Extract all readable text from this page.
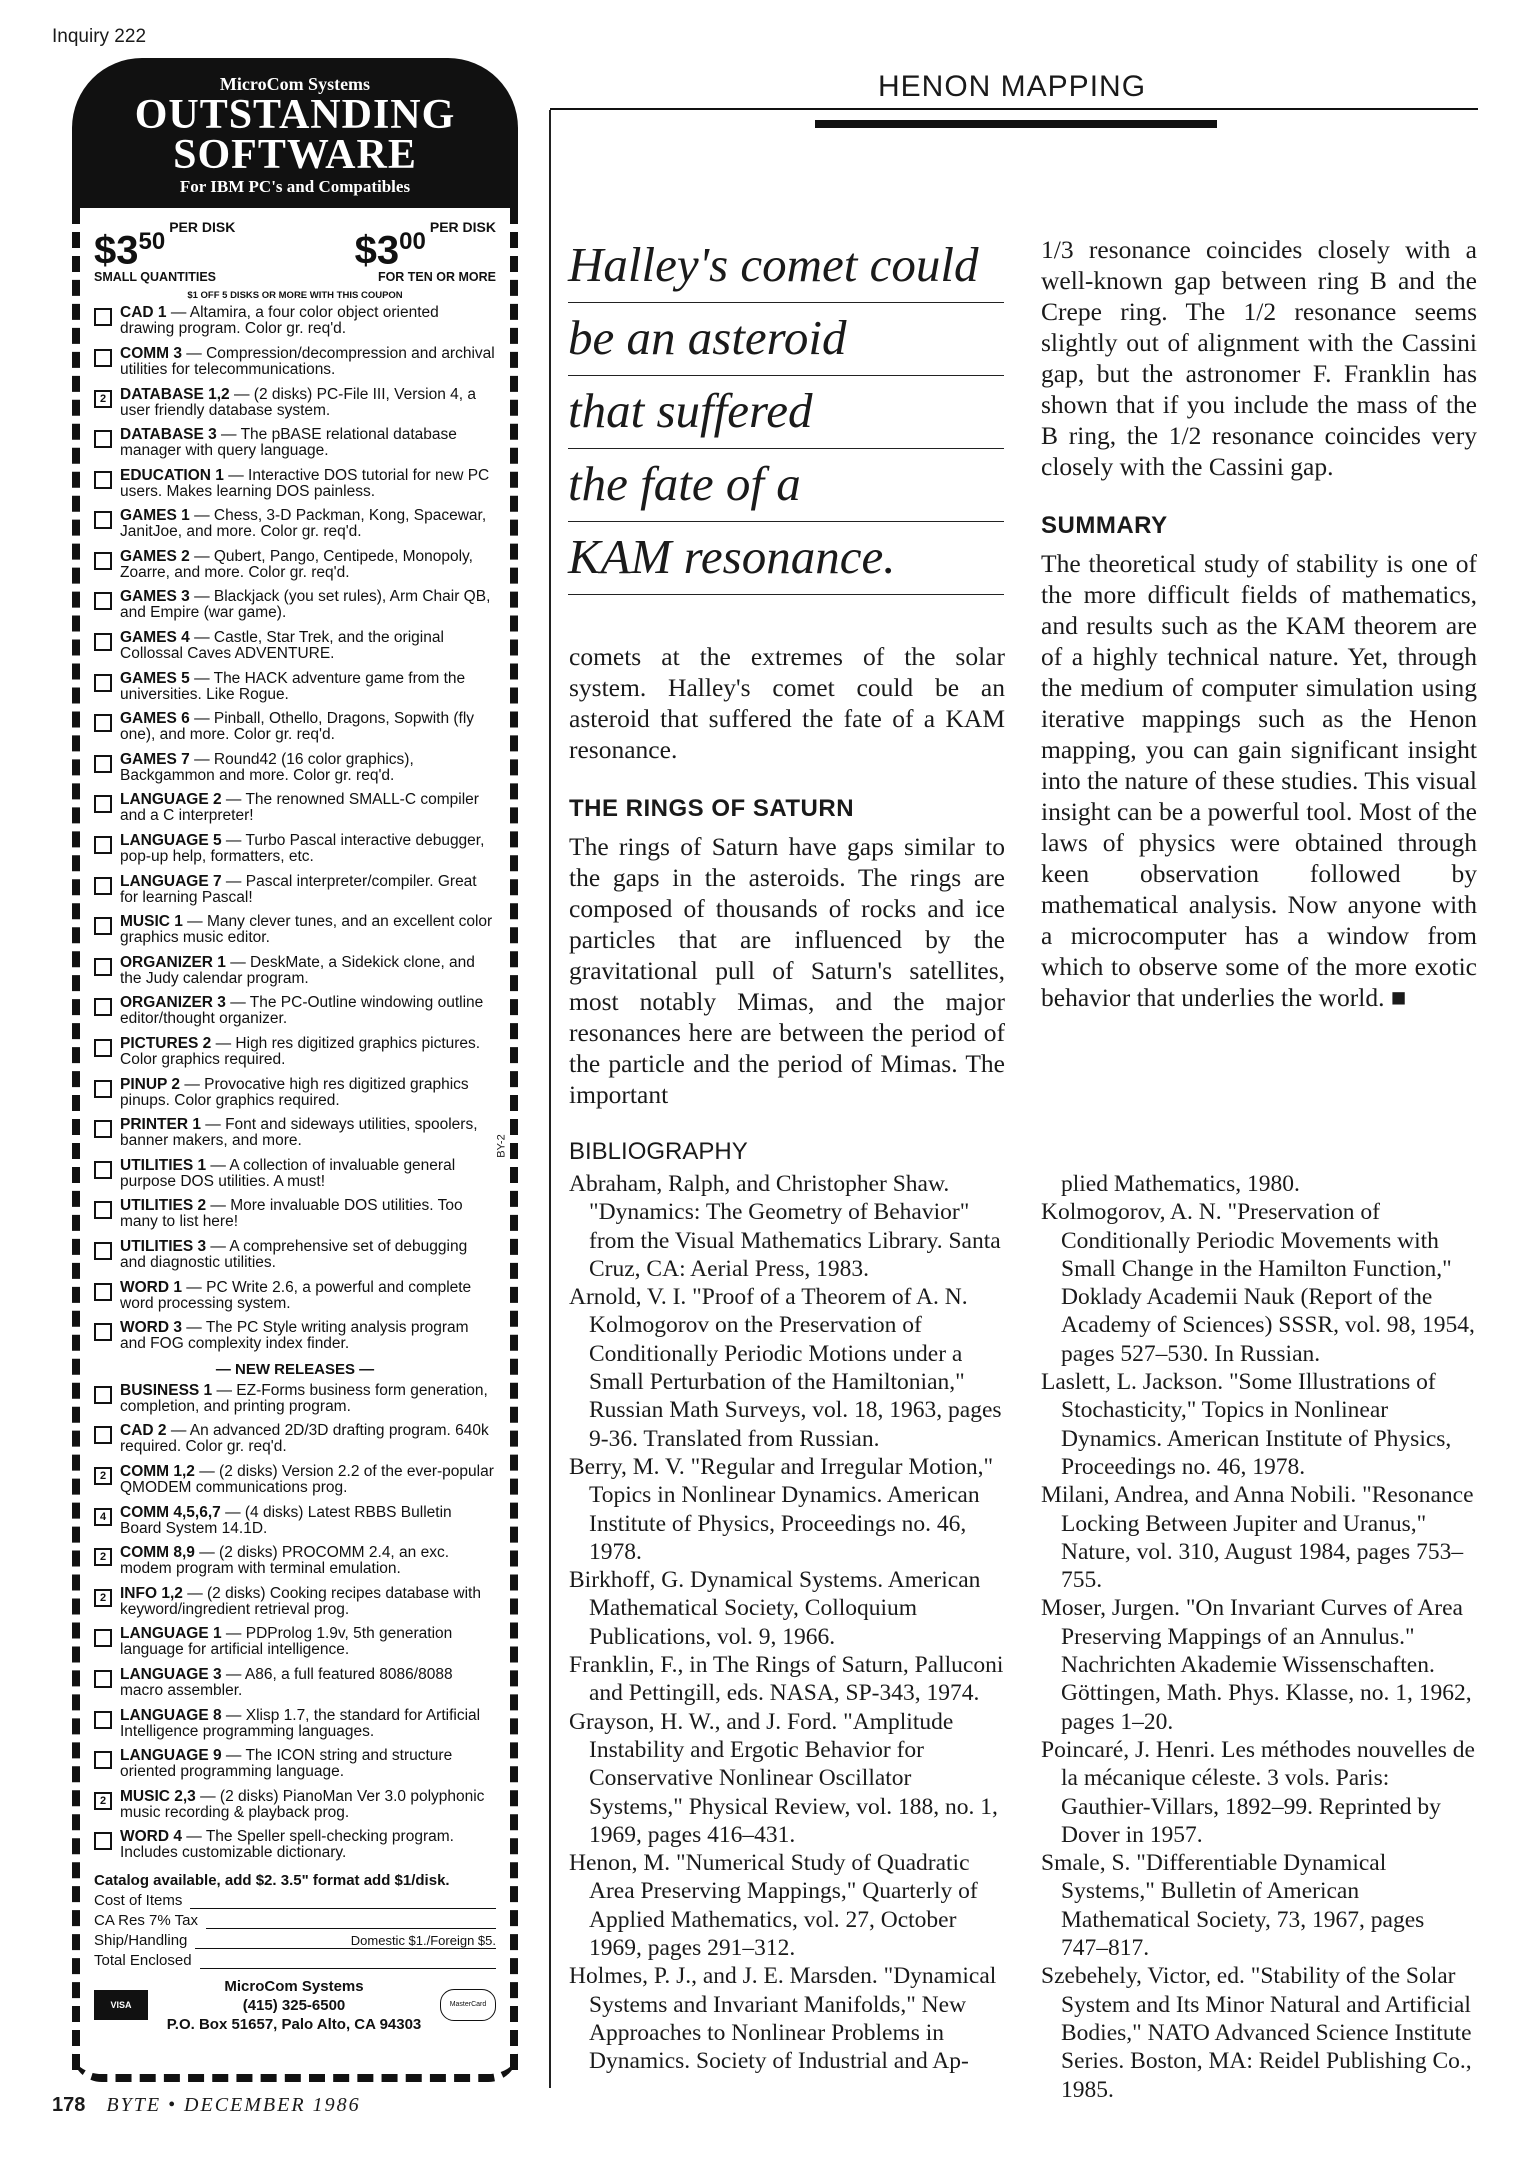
Inquiry 222
MicroCom Systems
OUTSTANDING
SOFTWARE
For IBM PC's and Compatibles
$\$3^{50}PER$ DISK
$\$3^{00}PER$ DISK
SMALL QUANTITIES	FOR TEN OR MORE
$1 OFF 5 DISKS OR MORE WITH THIS COUPON
CAD 1 — Altamira, a four color object oriented drawing program. Color gr. req'd.
COMM 3 — Compression/decompression and archival utilities for telecommunications.
2 DATABASE 1,2 — (2 disks) PC-File III, Version 4, a user friendly database system.
DATABASE 3 — The pBASE relational database manager with query language.
EDUCATION 1 — Interactive DOS tutorial for new PC users. Makes learning DOS painless.
GAMES 1 — Chess, 3-D Packman, Kong, Spacewar, JanitJoe, and more. Color gr. req'd.
GAMES 2 — Qubert, Pango, Centipede, Monopoly, Zoarre, and more. Color gr. req'd.
GAMES 3 — Blackjack (you set rules), Arm Chair QB, and Empire (war game).
GAMES 4 — Castle, Star Trek, and the original Collossal Caves ADVENTURE.
GAMES 5 — The HACK adventure game from the universities. Like Rogue.
GAMES 6 — Pinball, Othello, Dragons, Sopwith (fly one), and more. Color gr. req'd.
GAMES 7 — Round42 (16 color graphics), Backgammon and more. Color gr. req'd.
LANGUAGE 2 — The renowned SMALL-C compiler and a C interpreter!
LANGUAGE 5 — Turbo Pascal interactive debugger, pop-up help, formatters, etc.
LANGUAGE 7 — Pascal interpreter/compiler. Great for learning Pascal!
MUSIC 1 — Many clever tunes, and an excellent color graphics music editor.
ORGANIZER 1 — DeskMate, a Sidekick clone, and the Judy calendar program.
ORGANIZER 3 — The PC-Outline windowing outline editor/thought organizer.
PICTURES 2 — High res digitized graphics pictures. Color graphics required.
PINUP 2 — Provocative high res digitized graphics pinups. Color graphics required.
PRINTER 1 — Font and sideways utilities, spoolers, banner makers, and more.
UTILITIES 1 — A collection of invaluable general purpose DOS utilities. A must!
UTILITIES 2 — More invaluable DOS utilities. Too many to list here!
UTILITIES 3 — A comprehensive set of debugging and diagnostic utilities.
WORD 1 — PC Write 2.6, a powerful and complete word processing system.
WORD 3 — The PC Style writing analysis program and FOG complexity index finder.
— NEW RELEASES —
BUSINESS 1 — EZ-Forms business form generation, completion, and printing program.
CAD 2 — An advanced 2D/3D drafting program. 640k required. Color gr. req'd.
2 COMM 1,2 — (2 disks) Version 2.2 of the ever-popular QMODEM communications prog.
4 COMM 4,5,6,7 — (4 disks) Latest RBBS Bulletin Board System 14.1D.
2 COMM 8,9 — (2 disks) PROCOMM 2.4, an exc. modem program with terminal emulation.
2 INFO 1,2 — (2 disks) Cooking recipes database with keyword/ingredient retrieval prog.
LANGUAGE 1 — PDProlog 1.9v, 5th generation language for artificial intelligence.
LANGUAGE 3 — A86, a full featured 8086/8088 macro assembler.
LANGUAGE 8 — Xlisp 1.7, the standard for Artificial Intelligence programming languages.
LANGUAGE 9 — The ICON string and structure oriented programming language.
2 MUSIC 2,3 — (2 disks) PianoMan Ver 3.0 polyphonic music recording & playback prog.
WORD 4 — The Speller spell-checking program. Includes customizable dictionary.
Catalog available, add $2. 3.5" format add $1/disk.
Cost of Items
CA Res 7% Tax
Ship/Handling	Domestic $1./Foreign $5.
Total Enclosed
VISA
MicroCom Systems
(415) 325-6500
P.O. Box 51657, Palo Alto, CA 94303
MasterCard
BY-2
HENON MAPPING
Halley's comet could
be an asteroid
that suffered
the fate of a
KAM resonance.
comets at the extremes of the solar system. Halley's comet could be an asteroid that suffered the fate of a KAM resonance.
THE RINGS OF SATURN
The rings of Saturn have gaps similar to the gaps in the asteroids. The rings are composed of thousands of rocks and ice particles that are influenced by the gravitational pull of Saturn's satellites, most notably Mimas, and the major resonances here are between the period of the particle and the period of Mimas. The important
1/3 resonance coincides closely with a well-known gap between ring B and the Crepe ring. The 1/2 resonance seems slightly out of alignment with the Cassini gap, but the astronomer F. Franklin has shown that if you include the mass of the B ring, the 1/2 resonance coincides very closely with the Cassini gap.
SUMMARY
The theoretical study of stability is one of the more difficult fields of mathematics, and results such as the KAM theorem are of a highly technical nature. Yet, through the medium of computer simulation using iterative mappings such as the Henon mapping, you can gain significant insight into the nature of these studies. This visual insight can be a powerful tool. Most of the laws of physics were obtained through keen observation followed by mathematical analysis. Now anyone with a microcomputer has a window from which to observe some of the more exotic behavior that underlies the world. ■
BIBLIOGRAPHY

Abraham, Ralph, and Christopher Shaw. "Dynamics: The Geometry of Behavior" from the Visual Mathematics Library. Santa Cruz, CA: Aerial Press, 1983.

Arnold, V. I. "Proof of a Theorem of A. N. Kolmogorov on the Preservation of Conditionally Periodic Motions under a Small Perturbation of the Hamiltonian," Russian Math Surveys, vol. 18, 1963, pages 9-36. Translated from Russian.

Berry, M. V. "Regular and Irregular Motion," Topics in Nonlinear Dynamics. American Institute of Physics, Proceedings no. 46, 1978.

Birkhoff, G. Dynamical Systems. American Mathematical Society, Colloquium Publications, vol. 9, 1966.

Franklin, F., in The Rings of Saturn, Palluconi and Pettingill, eds. NASA, SP-343, 1974.

Grayson, H. W., and J. Ford. "Amplitude Instability and Ergotic Behavior for Conservative Nonlinear Oscillator Systems," Physical Review, vol. 188, no. 1, 1969, pages 416–431.

Henon, M. "Numerical Study of Quadratic Area Preserving Mappings," Quarterly of Applied Mathematics, vol. 27, October 1969, pages 291–312.

Holmes, P. J., and J. E. Marsden. "Dynamical Systems and Invariant Manifolds," New Approaches to Nonlinear Problems in Dynamics. Society of Industrial and Ap-

plied Mathematics, 1980.

Kolmogorov, A. N. "Preservation of Conditionally Periodic Movements with Small Change in the Hamilton Function," Doklady Academii Nauk (Report of the Academy of Sciences) SSSR, vol. 98, 1954, pages 527–530. In Russian.

Laslett, L. Jackson. "Some Illustrations of Stochasticity," Topics in Nonlinear Dynamics. American Institute of Physics, Proceedings no. 46, 1978.

Milani, Andrea, and Anna Nobili. "Resonance Locking Between Jupiter and Uranus," Nature, vol. 310, August 1984, pages 753–755.

Moser, Jurgen. "On Invariant Curves of Area Preserving Mappings of an Annulus." Nachrichten Akademie Wissenschaften. Göttingen, Math. Phys. Klasse, no. 1, 1962, pages 1–20.

Poincaré, J. Henri. Les méthodes nouvelles de la mécanique céleste. 3 vols. Paris: Gauthier-Villars, 1892–99. Reprinted by Dover in 1957.

Smale, S. "Differentiable Dynamical Systems," Bulletin of American Mathematical Society, 73, 1967, pages 747–817.

Szebehely, Victor, ed. "Stability of the Solar System and Its Minor Natural and Artificial Bodies," NATO Advanced Science Institute Series. Boston, MA: Reidel Publishing Co., 1985.

178 BYTE • DECEMBER 1986
